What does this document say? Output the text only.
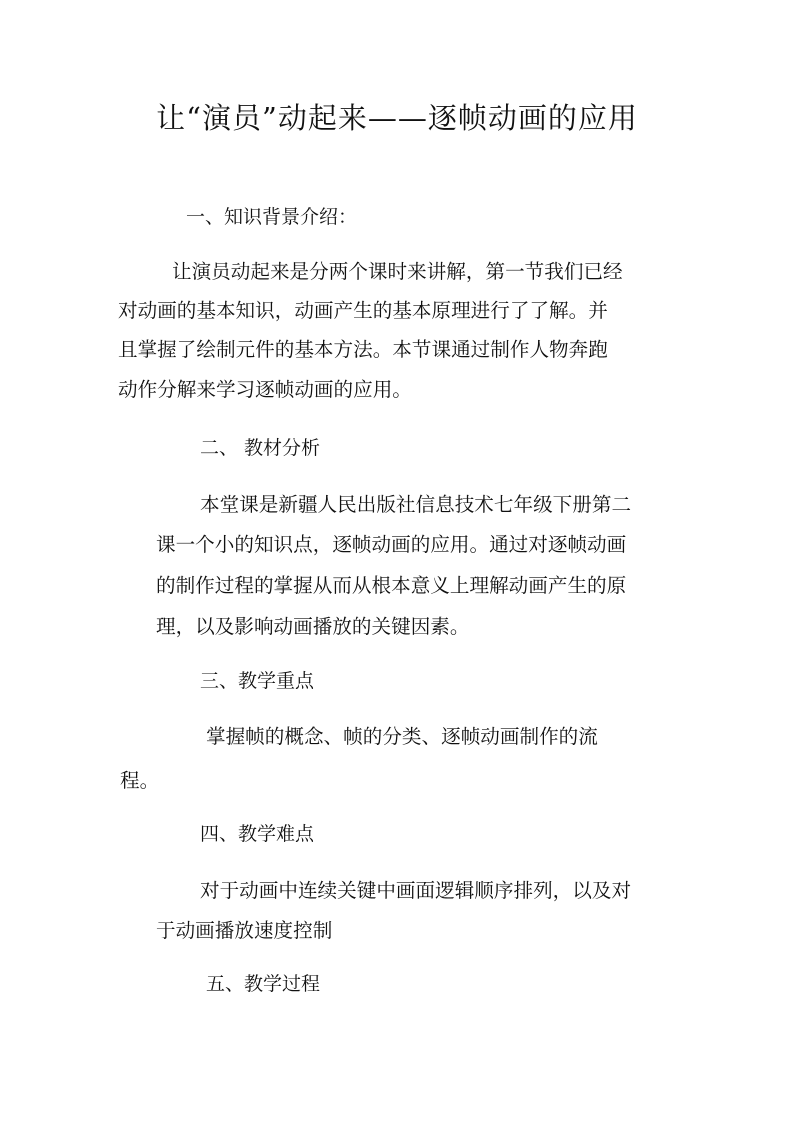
让“演员”动起来——逐帧动画的应用
一、知识背景介绍：
让演员动起来是分两个课时来讲解，第一节我们已经
对动画的基本知识，动画产生的基本原理进行了了解。并
且掌握了绘制元件的基本方法。本节课通过制作人物奔跑
动作分解来学习逐帧动画的应用。
二、 教材分析
本堂课是新疆人民出版社信息技术七年级下册第二
课一个小的知识点，逐帧动画的应用。通过对逐帧动画
的制作过程的掌握从而从根本意义上理解动画产生的原
理，以及影响动画播放的关键因素。
三、教学重点
掌握帧的概念、帧的分类、逐帧动画制作的流
程。
四、教学难点
对于动画中连续关键中画面逻辑顺序排列，以及对
于动画播放速度控制
五、教学过程
